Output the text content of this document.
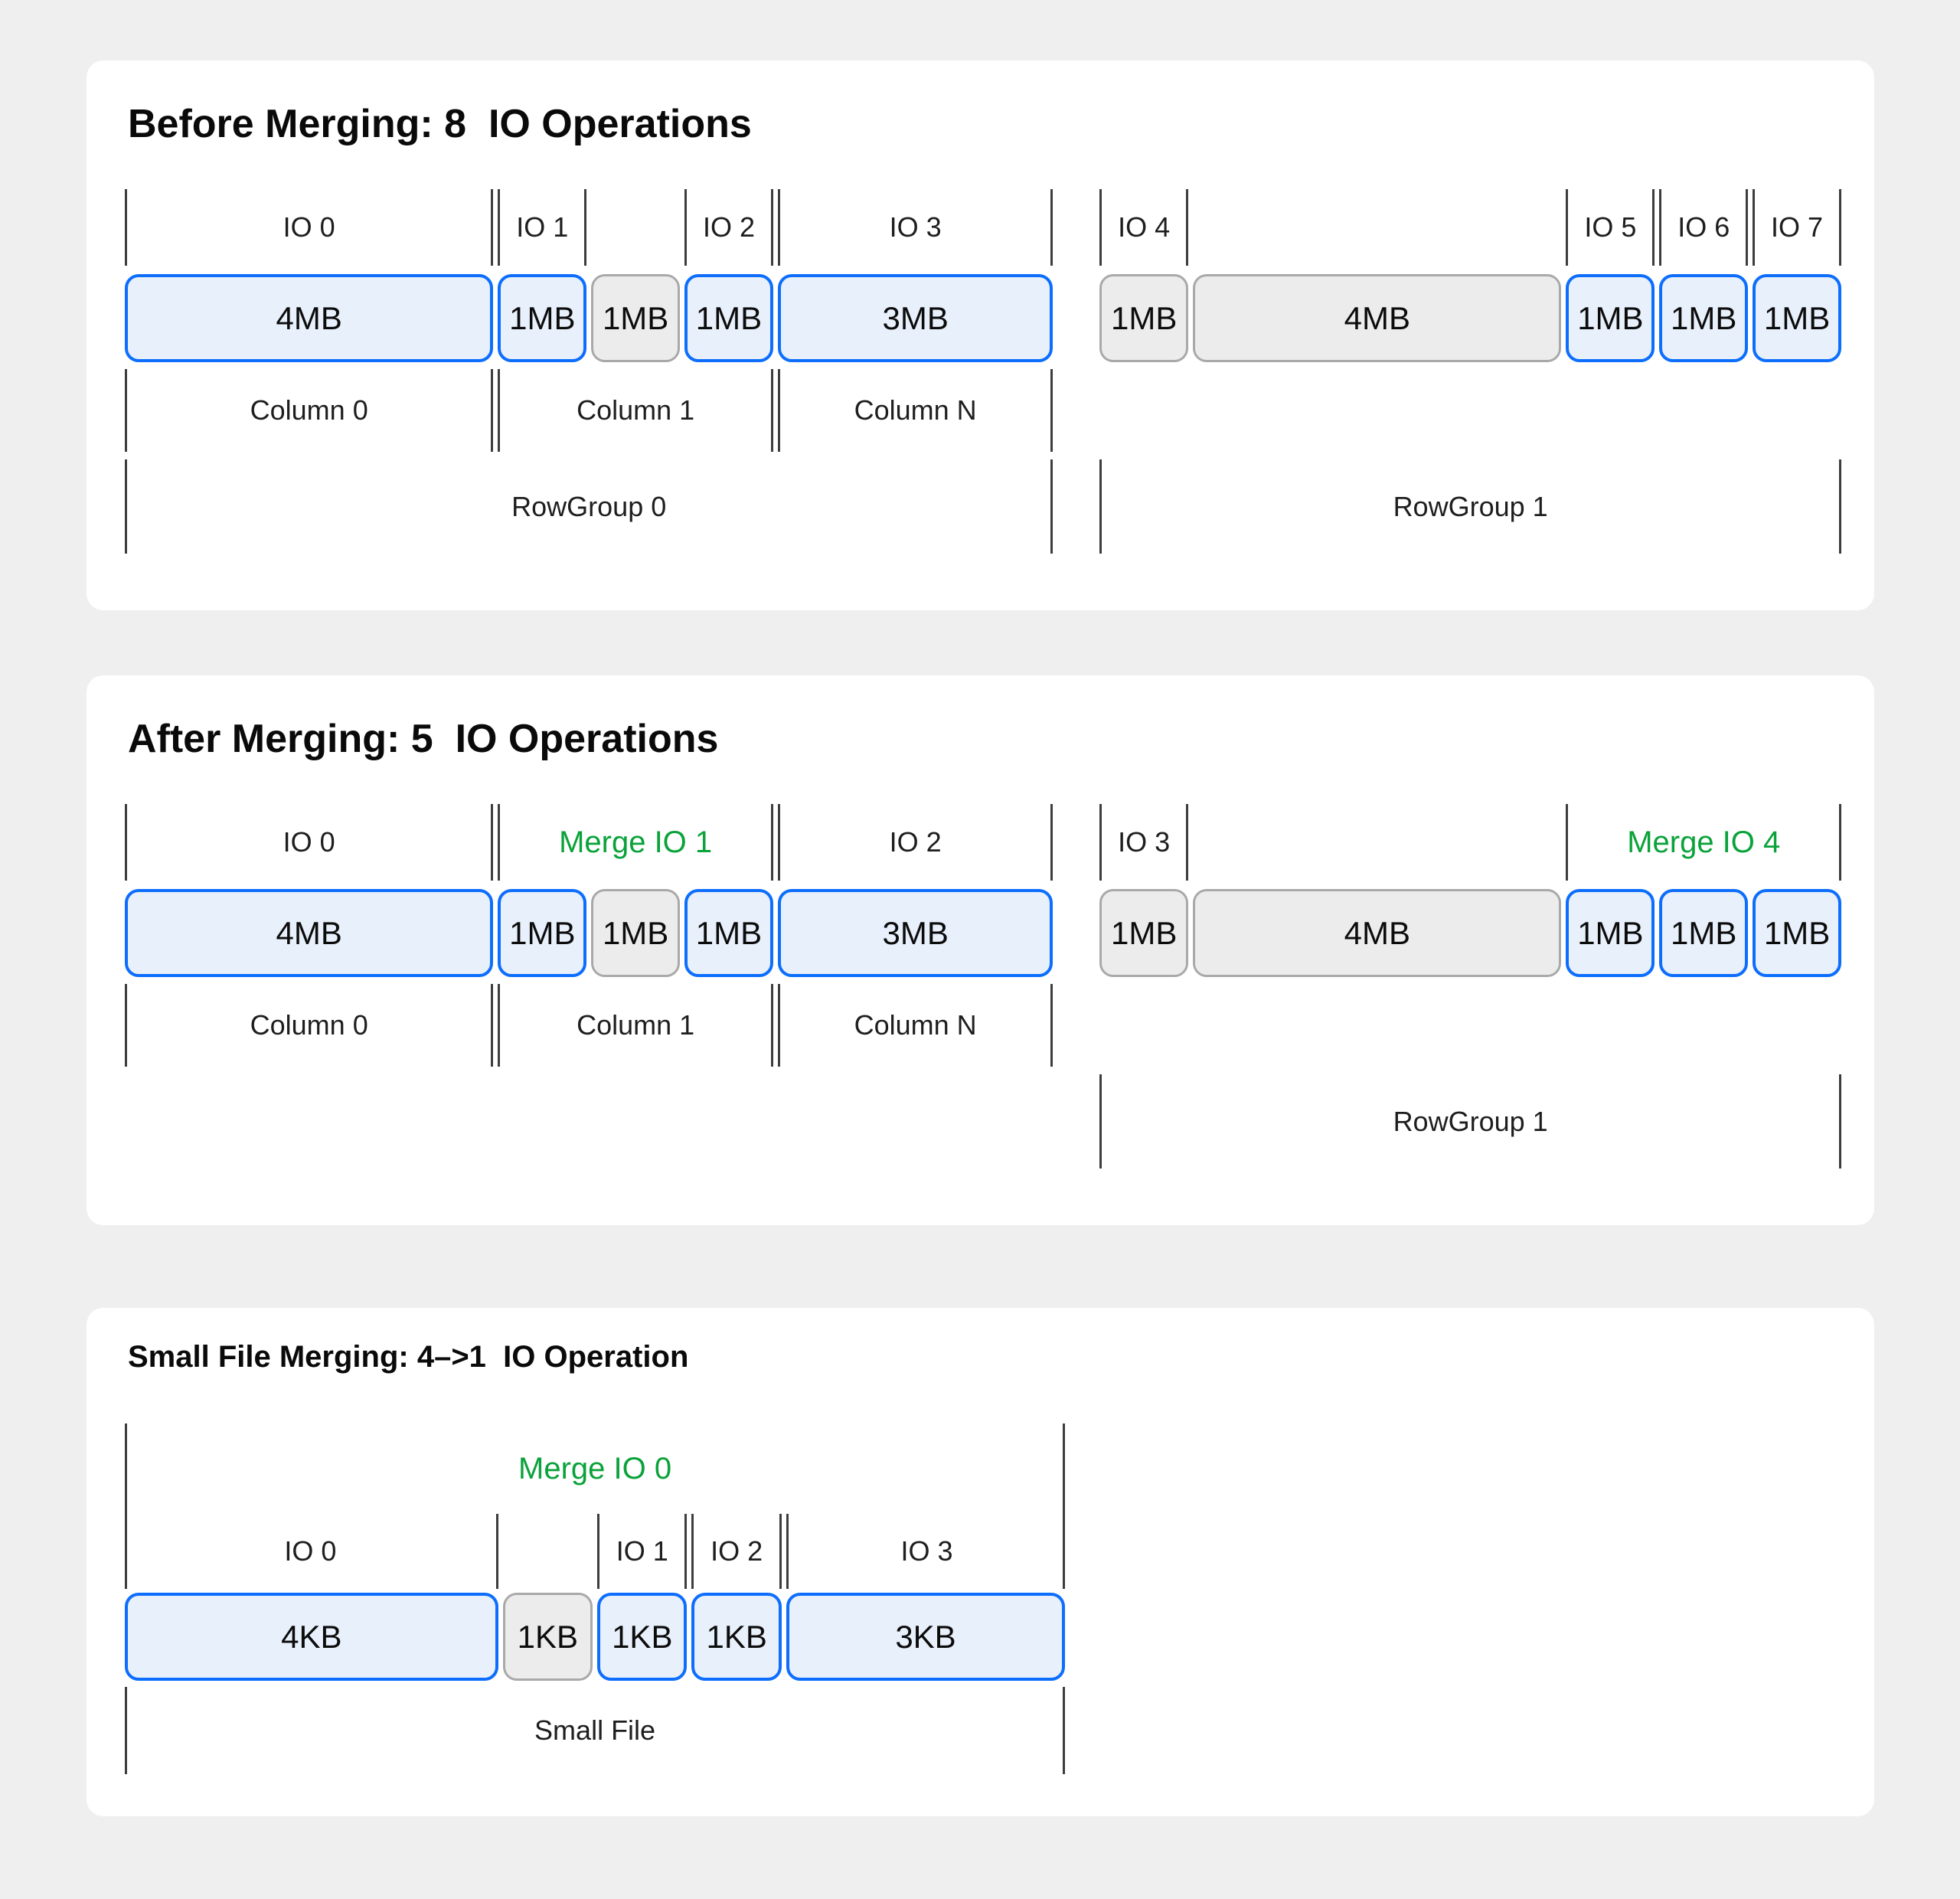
Before Merging: 8  IO Operations
IO 0	IO 1	IO 2	IO 3	IO 4	IO 5 IO 6 IO 7
4MB	1MB 1MB 1MB	3MB	1MB	4MB	1MB 1MB 1MB
Column 0	Column 1	Column N
RowGroup 0	RowGroup 1
After Merging: 5  IO Operations
IO 0	Merge IO 1	IO 2	IO 3	Merge IO 4
4MB	1MB 1MB 1MB	3MB	1MB	4MB	1MB 1MB 1MB
Column 0	Column 1	Column N
RowGroup 1
Small File Merging: 4–>1  IO Operation
Merge IO 0
IO 0	IO 1 IO 2	IO 3
4KB	1KB	1KB	1KB	3KB
Small File
